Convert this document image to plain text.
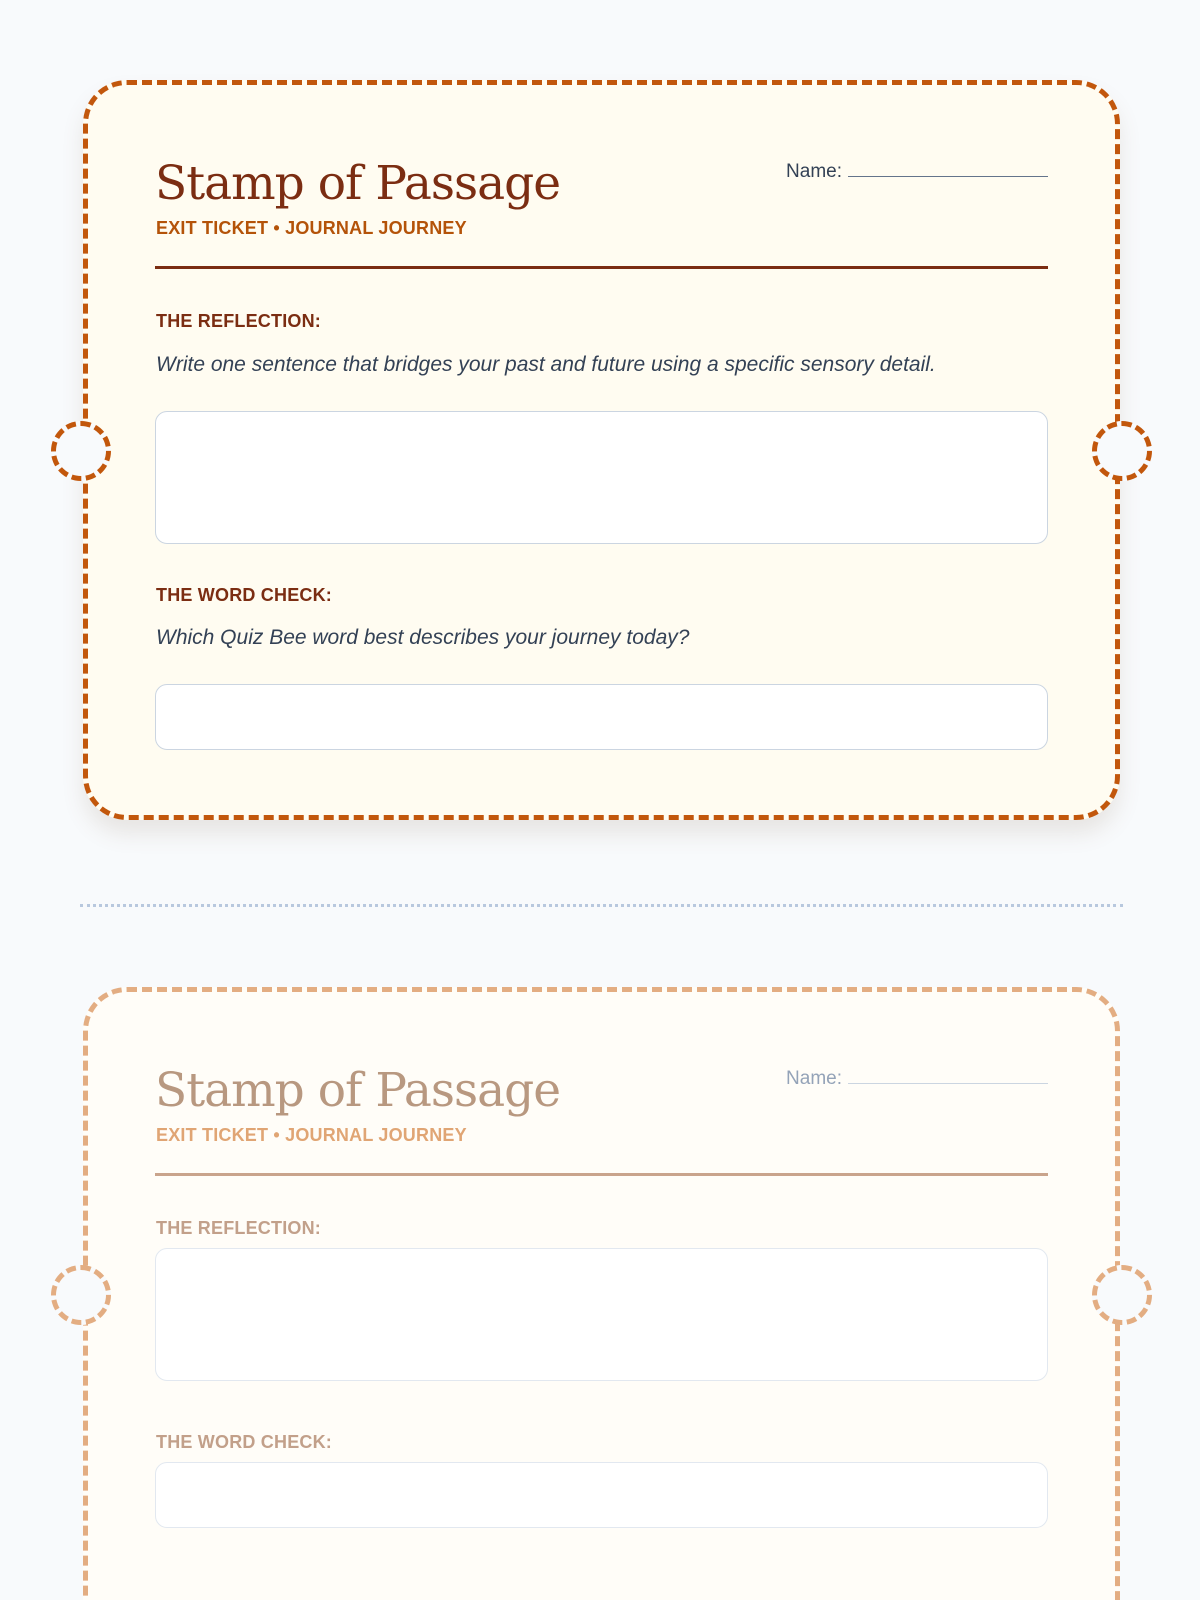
Stamp of Passage
EXIT TICKET • JOURNAL JOURNEY
Name:
THE REFLECTION:

Write one sentence that bridges your past and future using a specific sensory detail.

THE WORD CHECK:

Which Quiz Bee word best describes your journey today?

Stamp of Passage
EXIT TICKET • JOURNAL JOURNEY
Name:
THE REFLECTION:
THE WORD CHECK:
